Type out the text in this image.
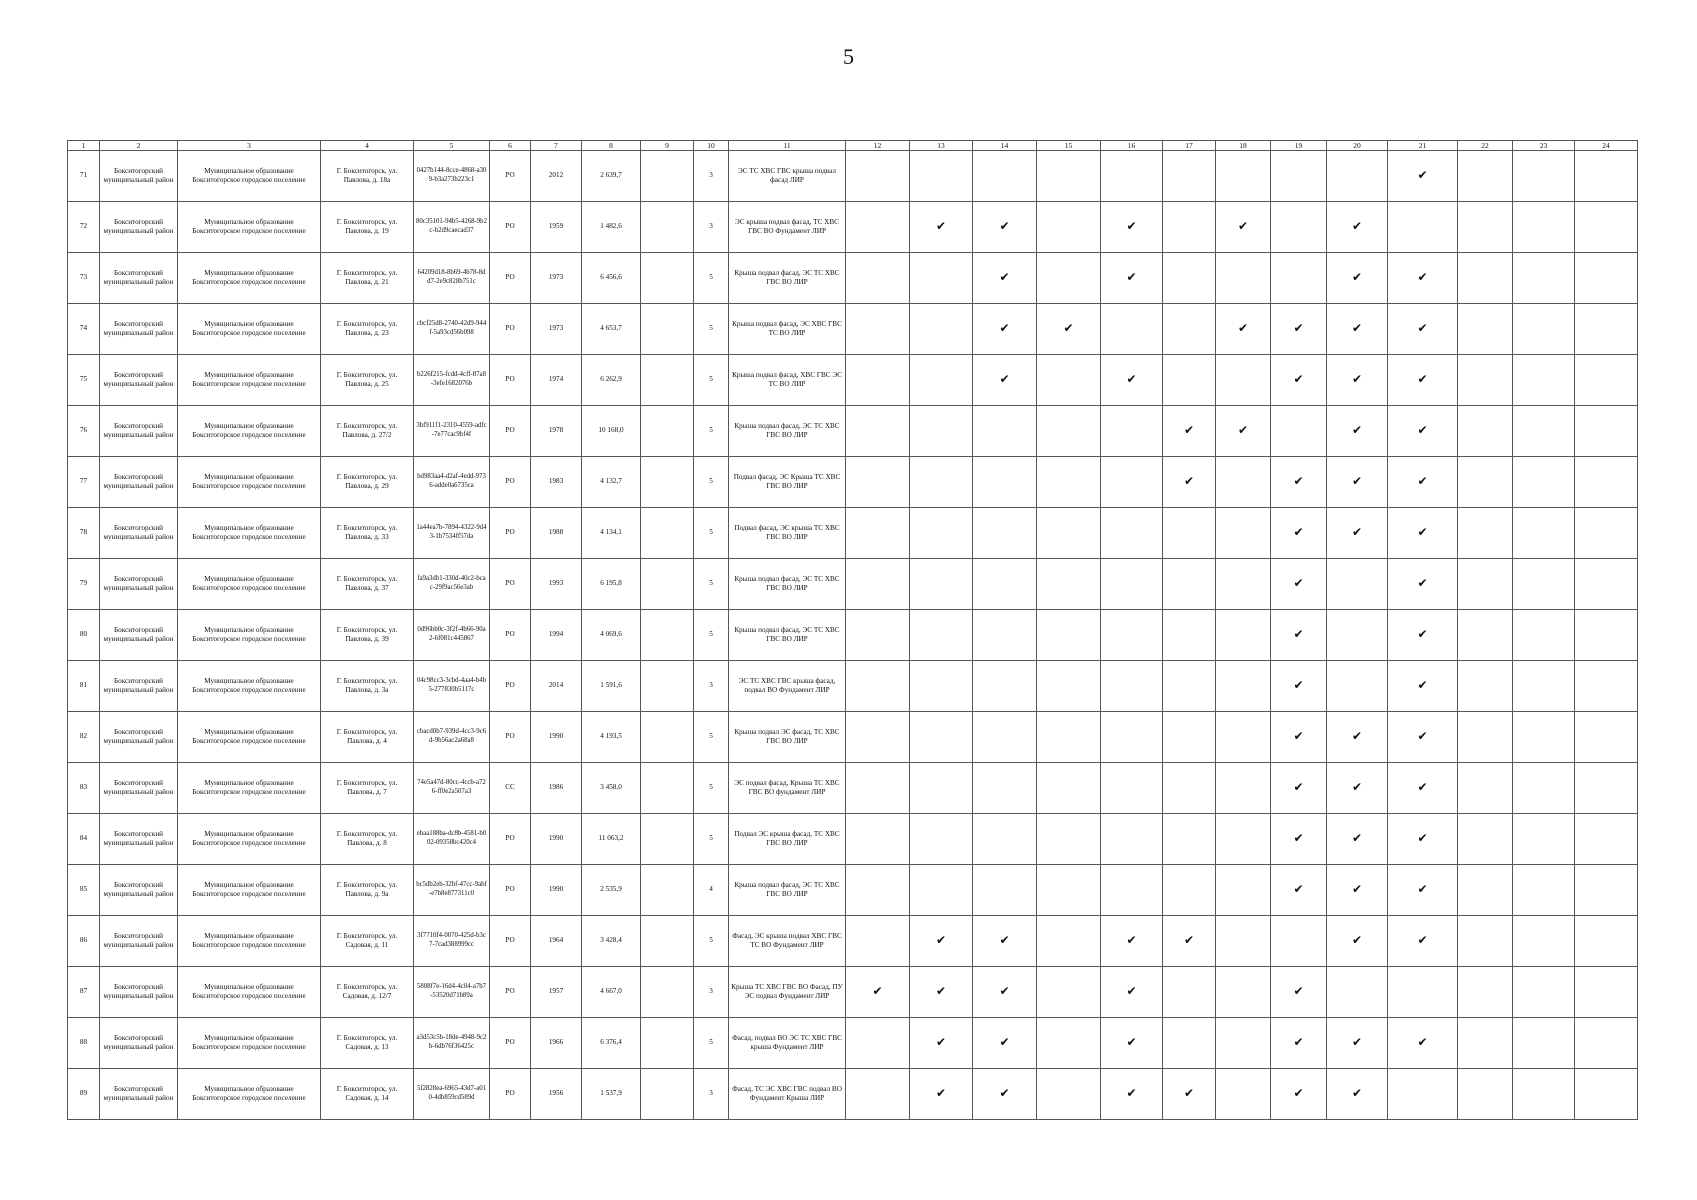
5
1	2	3	4	5	6	7	8	9	10	11	12	13	14	15	16	17	18	19	20	21	22	23	24
71	Бокситогорский муниципальный район	Муниципальное образование Бокситогорское городское поселение	Г. Бокситогорск, ул. Павлова, д. 18а	0427b144-8cce-4868-a309-b3a273b223c1	РО	2012	2 639,7		3	ЭС ТС ХВС ГВС крыша подвал фасад ЛИР										✔			
72	Бокситогорский муниципальный район	Муниципальное образование Бокситогорское городское поселение	Г. Бокситогорск, ул. Павлова, д. 19	80c35101-94b5-4268-9b2c-b2d9caecad37	РО	1959	1 482,6		3	ЭС крыша подвал фасад, ТС ХВС ГВС ВО Фундамент ЛИР		✔	✔		✔		✔		✔				
73	Бокситогорский муниципальный район	Муниципальное образование Бокситогорское городское поселение	Г. Бокситогорск, ул. Павлова, д. 21	64209d18-8b69-4b78-8dd7-2e9c828b751c	РО	1973	6 456,6		5	Крыша подвал фасад, ЭС ТС ХВС ГВС ВО ЛИР			✔		✔				✔	✔			
74	Бокситогорский муниципальный район	Муниципальное образование Бокситогорское городское поселение	Г. Бокситогорск, ул. Павлова, д. 23	cbcf25d8-2740-42d9-944f-5a93cd56b098	РО	1973	4 653,7		5	Крыша подвал фасад, ЭС ХВС ГВС ТС ВО ЛИР			✔	✔			✔	✔	✔	✔			
75	Бокситогорский муниципальный район	Муниципальное образование Бокситогорское городское поселение	Г. Бокситогорск, ул. Павлова, д. 25	b226f215-fcdd-4cff-87a8-3efe1682076b	РО	1974	6 262,9		5	Крыша подвал фасад, ХВС ГВС ЭС ТС ВО ЛИР			✔		✔			✔	✔	✔			
76	Бокситогорский муниципальный район	Муниципальное образование Бокситогорское городское поселение	Г. Бокситогорск, ул. Павлова, д. 27/2	3bf911f1-2310-4559-adfc-7e77cac9bf4f	РО	1978	10 168,0		5	Крыша подвал фасад, ЭС ТС ХВС ГВС ВО ЛИР						✔	✔		✔	✔			
77	Бокситогорский муниципальный район	Муниципальное образование Бокситогорское городское поселение	Г. Бокситогорск, ул. Павлова, д. 29	bd983aa4-d2af-4edd-9736-adde0a6735ca	РО	1983	4 132,7		5	Подвал фасад, ЭС Крыша ТС ХВС ГВС ВО ЛИР						✔		✔	✔	✔			
78	Бокситогорский муниципальный район	Муниципальное образование Бокситогорское городское поселение	Г. Бокситогорск, ул. Павлова, д. 33	1a44ea7b-7894-4322-9d43-1b7534ff57da	РО	1988	4 134,1		5	Подвал фасад, ЭС крыша ТС ХВС ГВС ВО ЛИР								✔	✔	✔			
79	Бокситогорский муниципальный район	Муниципальное образование Бокситогорское городское поселение	Г. Бокситогорск, ул. Павлова, д. 37	fa9a3db1-330d-40c2-bcac-29f9ac56e3ab	РО	1993	6 195,8		5	Крыша подвал фасад, ЭС ТС ХВС ГВС ВО ЛИР								✔		✔			
80	Бокситогорский муниципальный район	Муниципальное образование Бокситогорское городское поселение	Г. Бокситогорск, ул. Павлова, д. 39	0d96bb0c-3f2f-4b66-90a2-6f081c445867	РО	1994	4 069,6		5	Крыша подвал фасад, ЭС ТС ХВС ГВС ВО ЛИР								✔		✔			
81	Бокситогорский муниципальный район	Муниципальное образование Бокситогорское городское поселение	Г. Бокситогорск, ул. Павлова, д. 3а	04c98cc3-3cbd-4aa4-b4b5-277830b5117c	РО	2014	1 591,6		3	ЭС ТС ХВС ГВС крыша фасад, подвал ВО Фундамент ЛИР								✔		✔			
82	Бокситогорский муниципальный район	Муниципальное образование Бокситогорское городское поселение	Г. Бокситогорск, ул. Павлова, д. 4	cbacd0b7-939d-4cc3-9c6d-9b56ac2a68a8	РО	1990	4 193,5		5	Крыша подвал ЭС фасад, ТС ХВС ГВС ВО ЛИР								✔	✔	✔			
83	Бокситогорский муниципальный район	Муниципальное образование Бокситогорское городское поселение	Г. Бокситогорск, ул. Павлова, д. 7	74e5a47d-80cc-4ccb-a726-ff0e2a507a3	СС	1986	3 458,0		5	ЭС подвал фасад, Крыша ТС ХВС ГВС ВО фундамент ЛИР								✔	✔	✔			
84	Бокситогорский муниципальный район	Муниципальное образование Бокситогорское городское поселение	Г. Бокситогорск, ул. Павлова, д. 8	ebaa188ba-dc8b-4581-b002-09358bc420c4	РО	1990	11 063,2		5	Подвал ЭС крыша фасад, ТС ХВС ГВС ВО ЛИР								✔	✔	✔			
85	Бокситогорский муниципальный район	Муниципальное образование Бокситогорское городское поселение	Г. Бокситогорск, ул. Павлова, д. 9а	bc5db2eb-32bf-47cc-9abf-e7b8e877311c0	РО	1990	2 535,9		4	Крыша подвал фасад, ЭС ТС ХВС ГВС ВО ЛИР								✔	✔	✔			
86	Бокситогорский муниципальный район	Муниципальное образование Бокситогорское городское поселение	Г. Бокситогорск, ул. Садовая, д. 11	3f7710f4-0070-425d-b3c7-7cad388999cc	РО	1964	3 428,4		5	Фасад, ЭС крыша подвал ХВС ГВС ТС ВО Фундамент ЛИР		✔	✔		✔	✔			✔	✔			
87	Бокситогорский муниципальный район	Муниципальное образование Бокситогорское городское поселение	Г. Бокситогорск, ул. Садовая, д. 12/7	5808f7e-16d4-4c04-a7b7-53520d71b89a	РО	1957	4 667,0		3	Крыша ТС ХВС ГВС ВО Фасад, ПУ ЭС подвал Фундамент ЛИР	✔	✔	✔		✔			✔					
88	Бокситогорский муниципальный район	Муниципальное образование Бокситогорское городское поселение	Г. Бокситогорск, ул. Садовая, д. 13	a3d53c5b-18de-4948-9c2b-6db76f36425c	РО	1966	6 376,4		5	Фасад, подвал ВО ЭС ТС ХВС ГВС крыша Фундамент ЛИР		✔	✔		✔			✔	✔	✔			
89	Бокситогорский муниципальный район	Муниципальное образование Бокситогорское городское поселение	Г. Бокситогорск, ул. Садовая, д. 14	5f2828ea-6965-43d7-a010-4db859cd589d	РО	1956	1 537,9		3	Фасад, ТС ЭС ХВС ГВС подвал ВО Фундамент Крыша ЛИР		✔	✔		✔	✔		✔	✔				
